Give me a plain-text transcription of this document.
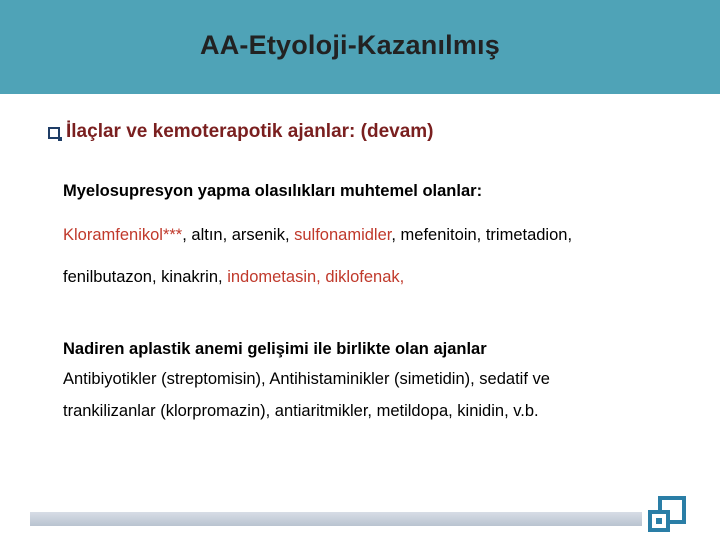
AA-Etyoloji-Kazanılmış
İlaçlar ve kemoterapotik ajanlar: (devam)
Myelosupresyon yapma olasılıkları muhtemel olanlar:
Kloramfenikol***, altın, arsenik, sulfonamidler, mefenitoin, trimetadion,
fenilbutazon, kinakrin, indometasin, diklofenak,
Nadiren aplastik anemi gelişimi ile birlikte olan ajanlar
Antibiyotikler (streptomisin), Antihistaminikler (simetidin), sedatif ve
trankilizanlar (klorpromazin), antiaritmikler, metildopa, kinidin, v.b.
